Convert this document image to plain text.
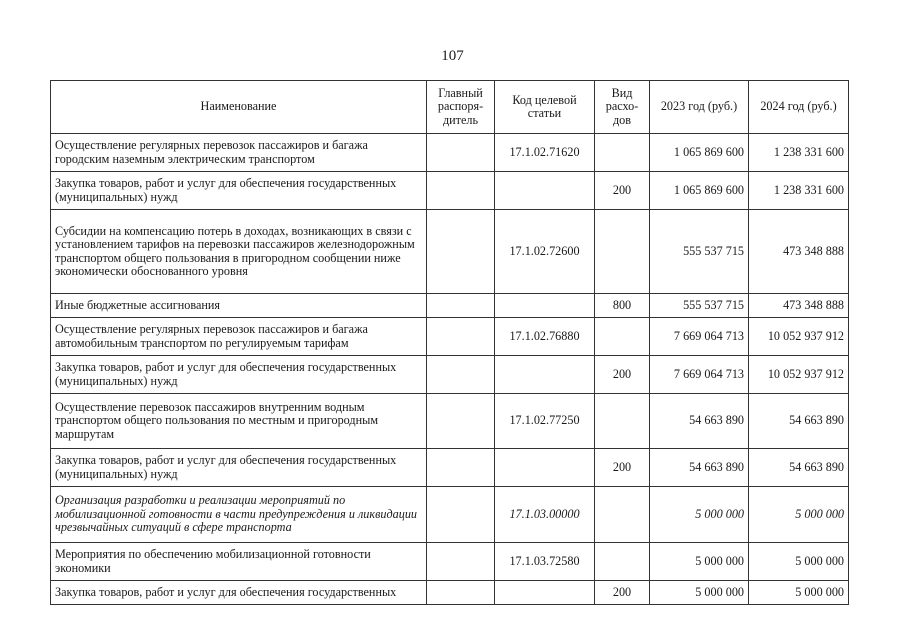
107
Наименование	Главный распоря-дитель	Код целевой статьи	Вид расхо-дов	2023 год (руб.)	2024 год (руб.)
Осуществление регулярных перевозок пассажиров и багажа городским наземным электрическим транспортом		17.1.02.71620		1 065 869 600	1 238 331 600
Закупка товаров, работ и услуг для обеспечения государственных (муниципальных) нужд			200	1 065 869 600	1 238 331 600
Субсидии на компенсацию потерь в доходах, возникающих в связи с установлением тарифов на перевозки пассажиров железнодорожным транспортом общего пользования в пригородном сообщении ниже экономически обоснованного уровня		17.1.02.72600		555 537 715	473 348 888
Иные бюджетные ассигнования			800	555 537 715	473 348 888
Осуществление регулярных перевозок пассажиров и багажа автомобильным транспортом по регулируемым тарифам		17.1.02.76880		7 669 064 713	10 052 937 912
Закупка товаров, работ и услуг для обеспечения государственных (муниципальных) нужд			200	7 669 064 713	10 052 937 912
Осуществление перевозок пассажиров внутренним водным транспортом общего пользования по местным и пригородным маршрутам		17.1.02.77250		54 663 890	54 663 890
Закупка товаров, работ и услуг для обеспечения государственных (муниципальных) нужд			200	54 663 890	54 663 890
Организация разработки и реализации мероприятий по мобилизационной готовности в части предупреждения и ликвидации чрезвычайных ситуаций в сфере транспорта		17.1.03.00000		5 000 000	5 000 000
Мероприятия по обеспечению мобилизационной готовности экономики		17.1.03.72580		5 000 000	5 000 000
Закупка товаров, работ и услуг для обеспечения государственных			200	5 000 000	5 000 000
